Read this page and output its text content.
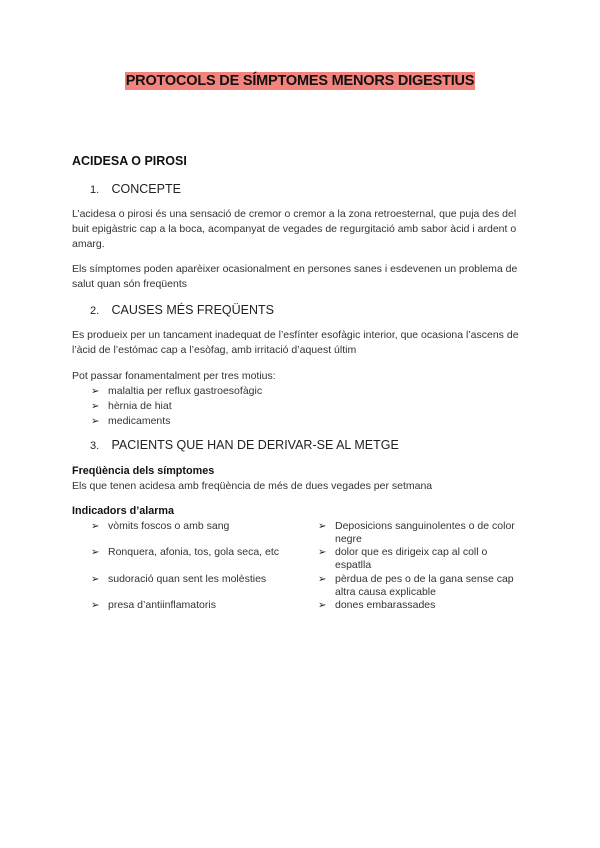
PROTOCOLS DE SÍMPTOMES MENORS DIGESTIUS
ACIDESA O PIROSI
1. CONCEPTE
L’acidesa o pirosi és una sensació de cremor o cremor a la zona retroesternal, que puja des del buit epigàstric cap a la boca, acompanyat de vegades de regurgitació amb sabor àcid i ardent o amarg.
Els símptomes poden aparèixer ocasionalment en persones sanes i esdevenen un problema de salut quan són freqüents
2. CAUSES MÉS FREQÜENTS
Es produeix per un tancament inadequat de l’esfínter esofàgic interior, que ocasiona l’ascens de l’àcid de l’estómac cap a l’esòfag, amb irritació d’aquest últim
Pot passar fonamentalment per tres motius:
➢ malaltia per reflux gastroesofàgic
➢ hèrnia de hiat
➢ medicaments
3. PACIENTS QUE HAN DE DERIVAR-SE AL METGE
Freqüència dels símptomes
Els que tenen acidesa amb freqüència de més de dues vegades per setmana
Indicadors d’alarma
➢ vòmits foscos o amb sang
➢ Ronquera, afonia, tos, gola seca, etc
➢ sudoració quan sent les molèsties
➢ presa d’antiinflamatoris
➢ Deposicions sanguinolentes o de color negre
➢ dolor que es dirigeix cap al coll o espatlla
➢ pèrdua de pes o de la gana sense cap altra causa explicable
➢ dones embarassades
